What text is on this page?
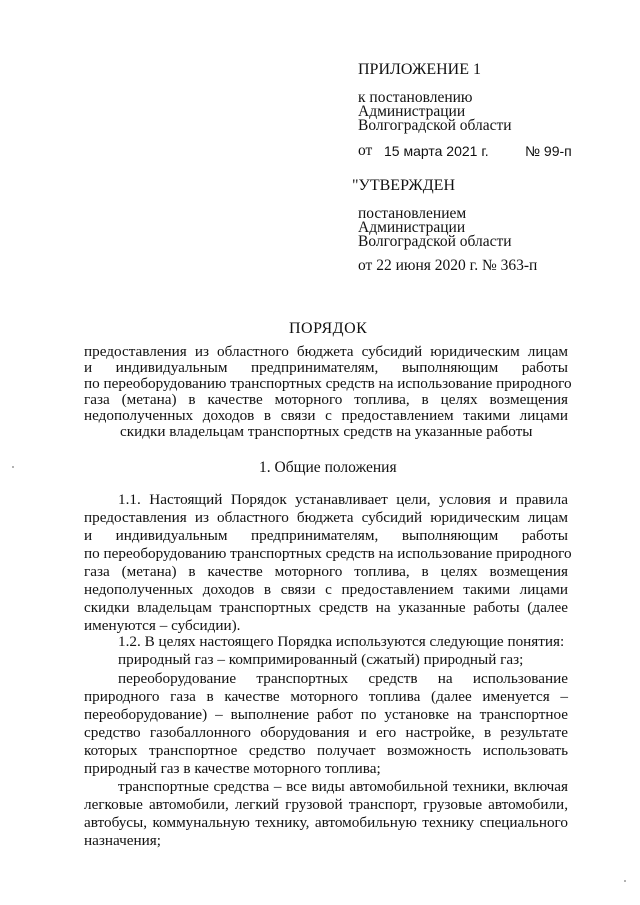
ПРИЛОЖЕНИЕ 1
к постановлению
Администрации
Волгоградской области
от 15 марта 2021 г.	№ 99-п
"УТВЕРЖДЕН
постановлением
Администрации
Волгоградской области
от 22 июня 2020 г. № 363-п
ПОРЯДОК
предоставления из областного бюджета субсидий юридическим лицам
и индивидуальным предпринимателям, выполняющим работы
по переоборудованию транспортных средств на использование природного
газа (метана) в качестве моторного топлива, в целях возмещения
недополученных доходов в связи с предоставлением такими лицами
скидки владельцам транспортных средств на указанные работы
1. Общие положения
1.1. Настоящий Порядок устанавливает цели, условия и правила
предоставления из областного бюджета субсидий юридическим лицам
и индивидуальным предпринимателям, выполняющим работы
по переоборудованию транспортных средств на использование природного
газа (метана) в качестве моторного топлива, в целях возмещения
недополученных доходов в связи с предоставлением такими лицами
скидки владельцам транспортных средств на указанные работы (далее
именуются – субсидии).
1.2. В целях настоящего Порядка используются следующие понятия:
природный газ – компримированный (сжатый) природный газ;
переоборудование транспортных средств на использование
природного газа в качестве моторного топлива (далее именуется –
переоборудование) – выполнение работ по установке на транспортное
средство газобаллонного оборудования и его настройке, в результате
которых транспортное средство получает возможность использовать
природный газ в качестве моторного топлива;
транспортные средства – все виды автомобильной техники, включая
легковые автомобили, легкий грузовой транспорт, грузовые автомобили,
автобусы, коммунальную технику, автомобильную технику специального
назначения;
